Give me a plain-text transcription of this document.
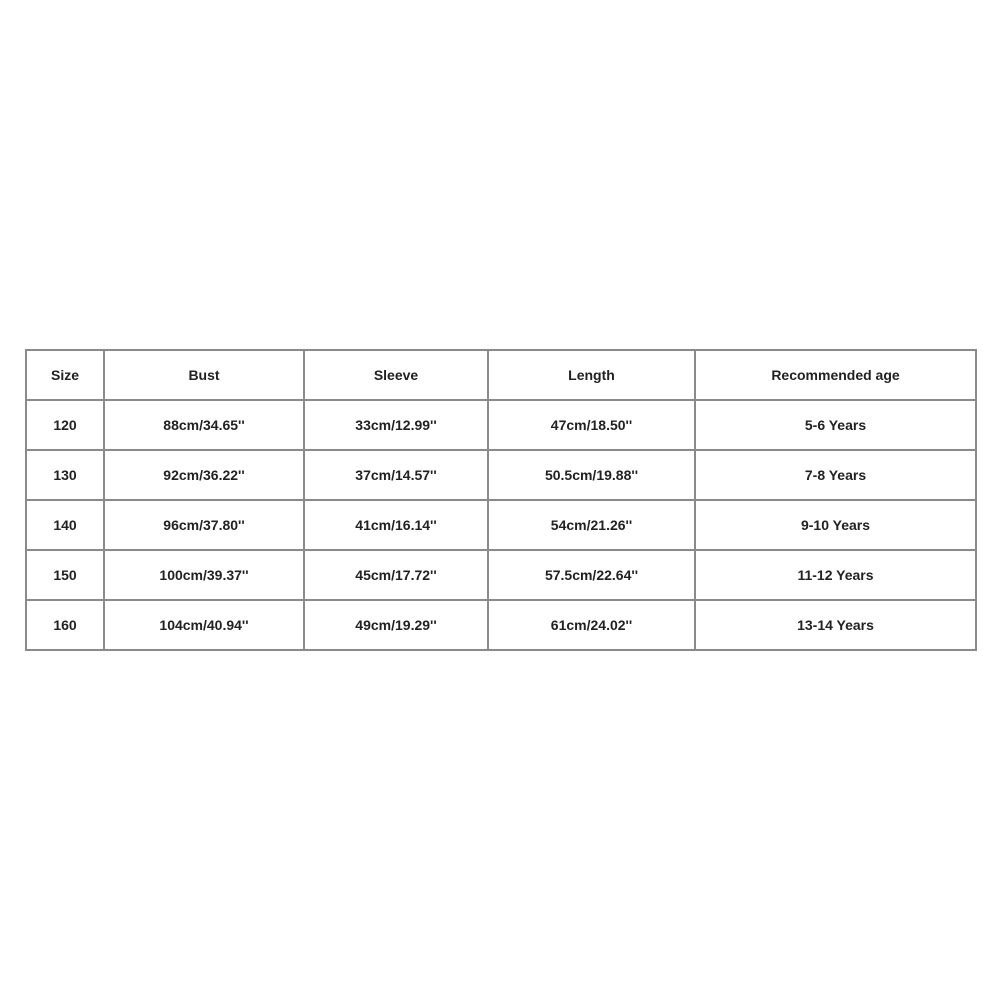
Size	Bust	Sleeve	Length	Recommended age
120	88cm/34.65''	33cm/12.99''	47cm/18.50''	5-6 Years
130	92cm/36.22''	37cm/14.57''	50.5cm/19.88''	7-8 Years
140	96cm/37.80''	41cm/16.14''	54cm/21.26''	9-10 Years
150	100cm/39.37''	45cm/17.72''	57.5cm/22.64''	11-12 Years
160	104cm/40.94''	49cm/19.29''	61cm/24.02''	13-14 Years
